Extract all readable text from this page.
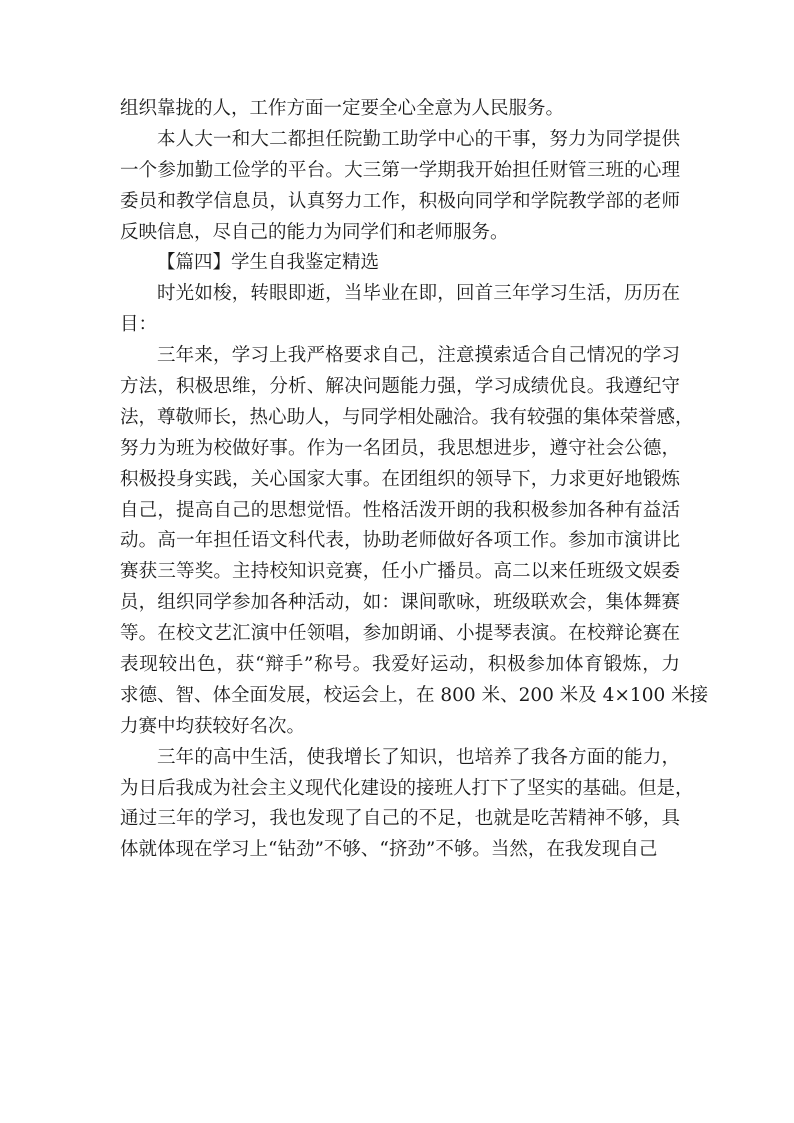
组织靠拢的人，工作方面一定要全心全意为人民服务。
本人大一和大二都担任院勤工助学中心的干事，努力为同学提供
一个参加勤工俭学的平台。大三第一学期我开始担任财管三班的心理
委员和教学信息员，认真努力工作，积极向同学和学院教学部的老师
反映信息，尽自己的能力为同学们和老师服务。
【篇四】学生自我鉴定精选
时光如梭，转眼即逝，当毕业在即，回首三年学习生活，历历在
目：
三年来，学习上我严格要求自己，注意摸索适合自己情况的学习
方法，积极思维，分析、解决问题能力强，学习成绩优良。我遵纪守
法，尊敬师长，热心助人，与同学相处融洽。我有较强的集体荣誉感，
努力为班为校做好事。作为一名团员，我思想进步，遵守社会公德，
积极投身实践，关心国家大事。在团组织的领导下，力求更好地锻炼
自己，提高自己的思想觉悟。性格活泼开朗的我积极参加各种有益活
动。高一年担任语文科代表，协助老师做好各项工作。参加市演讲比
赛获三等奖。主持校知识竞赛，任小广播员。高二以来任班级文娱委
员，组织同学参加各种活动，如：课间歌咏，班级联欢会，集体舞赛
等。在校文艺汇演中任领唱，参加朗诵、小提琴表演。在校辩论赛在
表现较出色，获“辩手”称号。我爱好运动，积极参加体育锻炼，力
求德、智、体全面发展，校运会上，在 800 米、200 米及 4×100 米接
力赛中均获较好名次。
三年的高中生活，使我增长了知识，也培养了我各方面的能力，
为日后我成为社会主义现代化建设的接班人打下了坚实的基础。但是，
通过三年的学习，我也发现了自己的不足，也就是吃苦精神不够，具
体就体现在学习上“钻劲”不够、“挤劲”不够。当然，在我发现自己
